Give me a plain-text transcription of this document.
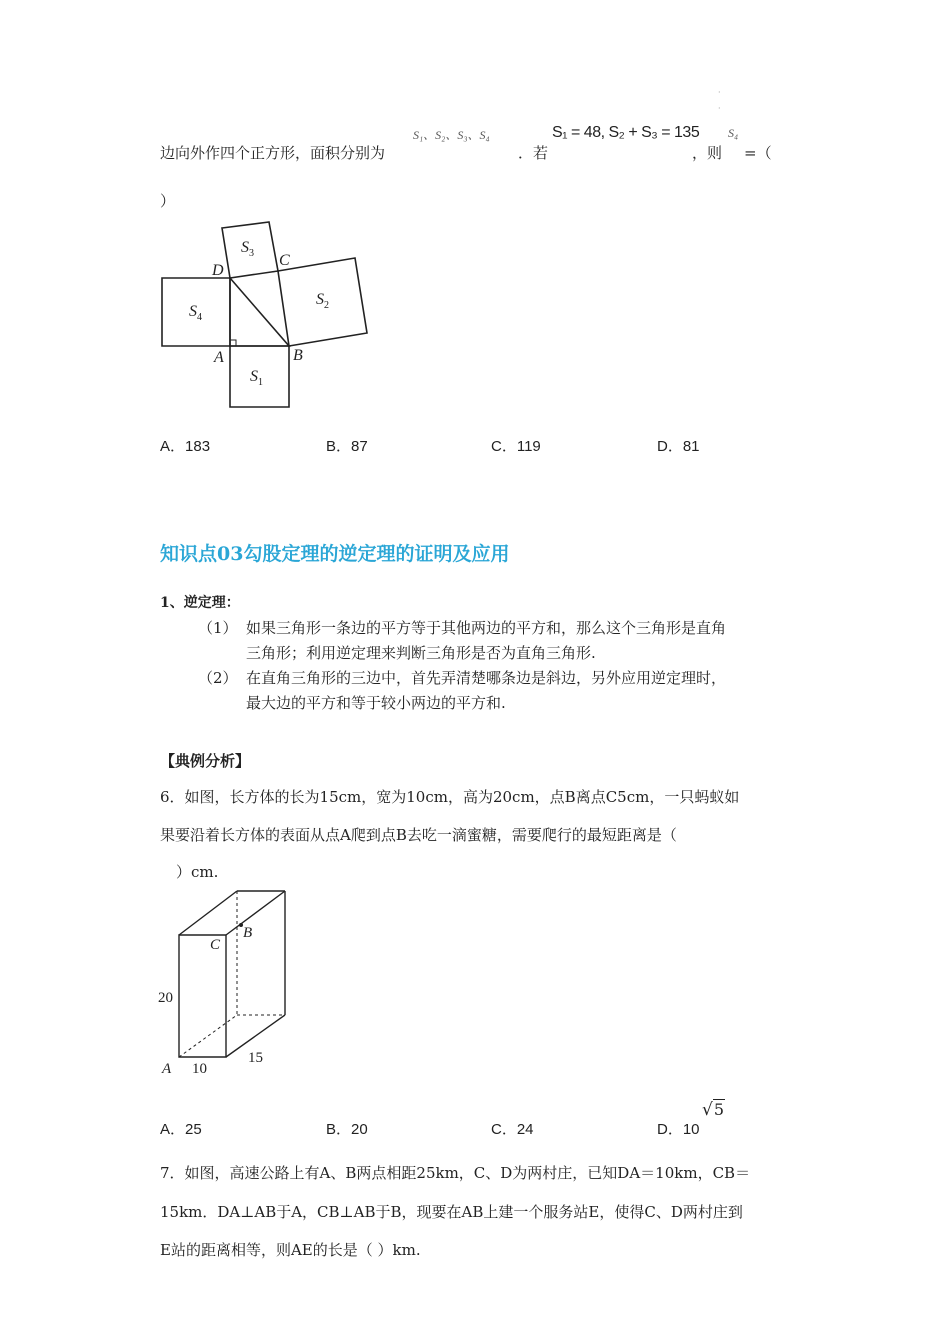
·
·
边向外作四个正方形，面积分别为
S₁、S₂、S₃、S₄
．若
S₁ = 48, S₂ + S₃ = 135
，则
S₄
=（
）
$S_4$
$S_1$
$S_3$
$S_2$
D
C
A	B
A．183	B．87	C．119	D．81
知识点03勾股定理的逆定理的证明及应用
1、逆定理：
（1） 如果三角形一条边的平方等于其他两边的平方和，那么这个三角形是直角
三角形；利用逆定理来判断三角形是否为直角三角形.
（2） 在直角三角形的三边中，首先弄清楚哪条边是斜边，另外应用逆定理时，
最大边的平方和等于较小两边的平方和.
【典例分析】
6．如图，长方体的长为15cm，宽为10cm，高为20cm，点B离点C5cm，一只蚂蚁如
果要沿着长方体的表面从点A爬到点B去吃一滴蜜糖，需要爬行的最短距离是（
）cm.
C
B
A
20
10
15
A．25	B．20	C．24	D．10
√5
7．如图，高速公路上有A、B两点相距25km，C、D为两村庄，已知DA＝10km，CB＝
15km．DA⊥AB于A，CB⊥AB于B，现要在AB上建一个服务站E，使得C、D两村庄到
E站的距离相等，则AE的长是（ ）km.
